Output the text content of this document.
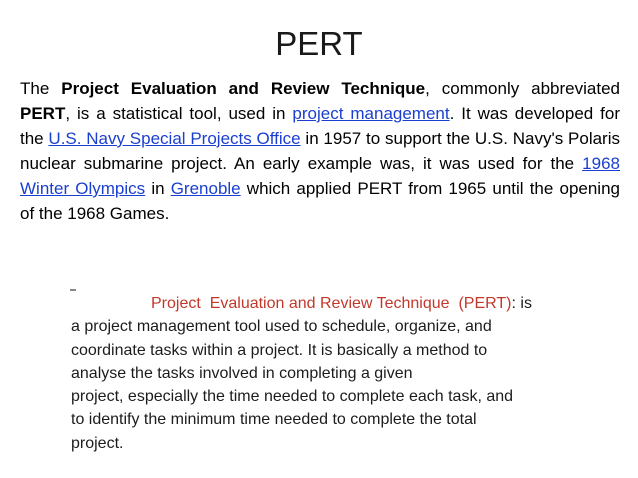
PERT
The Project Evaluation and Review Technique, commonly abbreviated PERT, is a statistical tool, used in project management. It was developed for the U.S. Navy Special Projects Office in 1957 to support the U.S. Navy's Polaris nuclear submarine project. An early example was, it was used for the 1968 Winter Olympics in Grenoble which applied PERT from 1965 until the opening of the 1968 Games.
Project Evaluation and Review Technique (PERT): is
a project management tool used to schedule, organize, and
coordinate tasks within a project. It is basically a method to
analyse the tasks involved in completing a given
project, especially the time needed to complete each task, and
to identify the minimum time needed to complete the total
project.
